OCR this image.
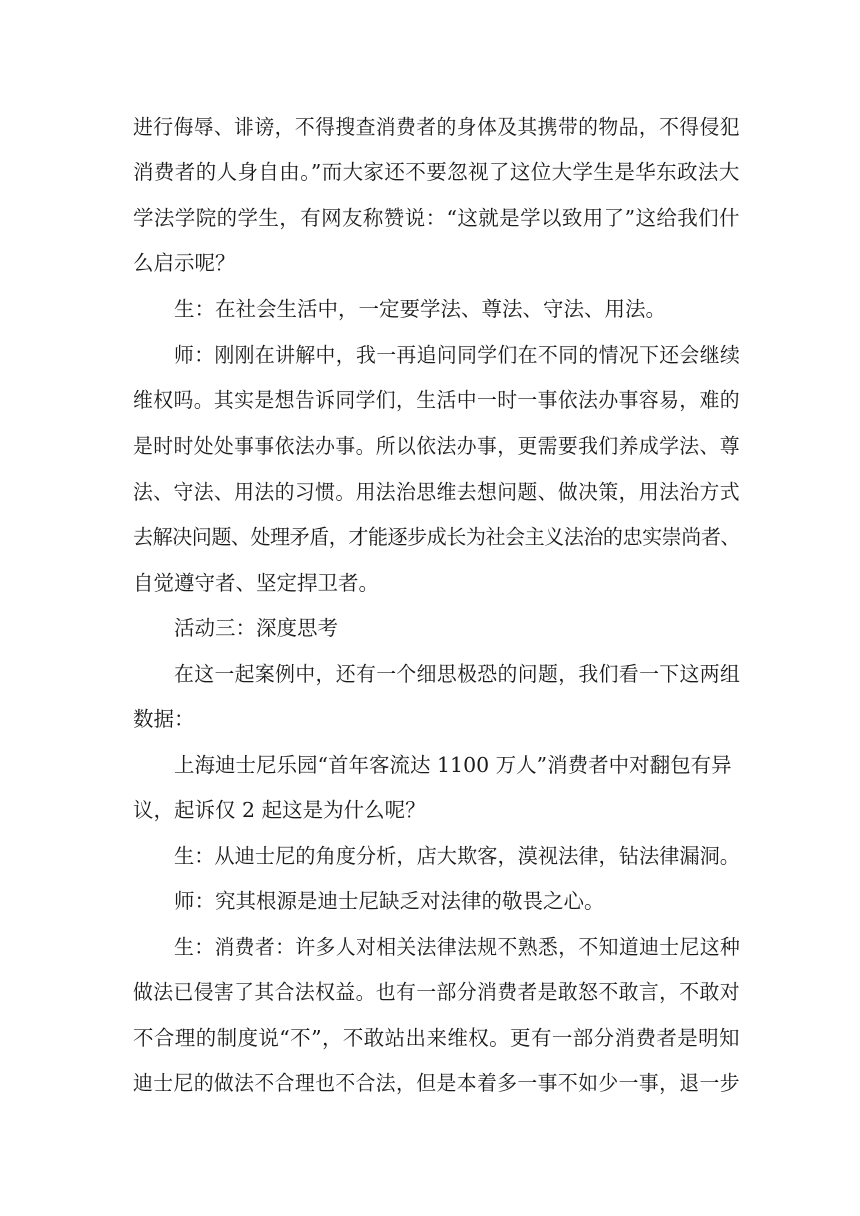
进行侮辱、诽谤，不得搜查消费者的身体及其携带的物品，不得侵犯
消费者的人身自由。”而大家还不要忽视了这位大学生是华东政法大
学法学院的学生，有网友称赞说：“这就是学以致用了”这给我们什
么启示呢？
生：在社会生活中，一定要学法、尊法、守法、用法。
师：刚刚在讲解中，我一再追问同学们在不同的情况下还会继续
维权吗。其实是想告诉同学们，生活中一时一事依法办事容易，难的
是时时处处事事依法办事。所以依法办事，更需要我们养成学法、尊
法、守法、用法的习惯。用法治思维去想问题、做决策，用法治方式
去解决问题、处理矛盾，才能逐步成长为社会主义法治的忠实崇尚者、
自觉遵守者、坚定捍卫者。
活动三：深度思考
在这一起案例中，还有一个细思极恐的问题，我们看一下这两组
数据：
上海迪士尼乐园“首年客流达 1100 万人”消费者中对翻包有异
议，起诉仅 2 起这是为什么呢？
生：从迪士尼的角度分析，店大欺客，漠视法律，钻法律漏洞。
师：究其根源是迪士尼缺乏对法律的敬畏之心。
生：消费者：许多人对相关法律法规不熟悉，不知道迪士尼这种
做法已侵害了其合法权益。也有一部分消费者是敢怒不敢言，不敢对
不合理的制度说“不”，不敢站出来维权。更有一部分消费者是明知
迪士尼的做法不合理也不合法，但是本着多一事不如少一事，退一步
